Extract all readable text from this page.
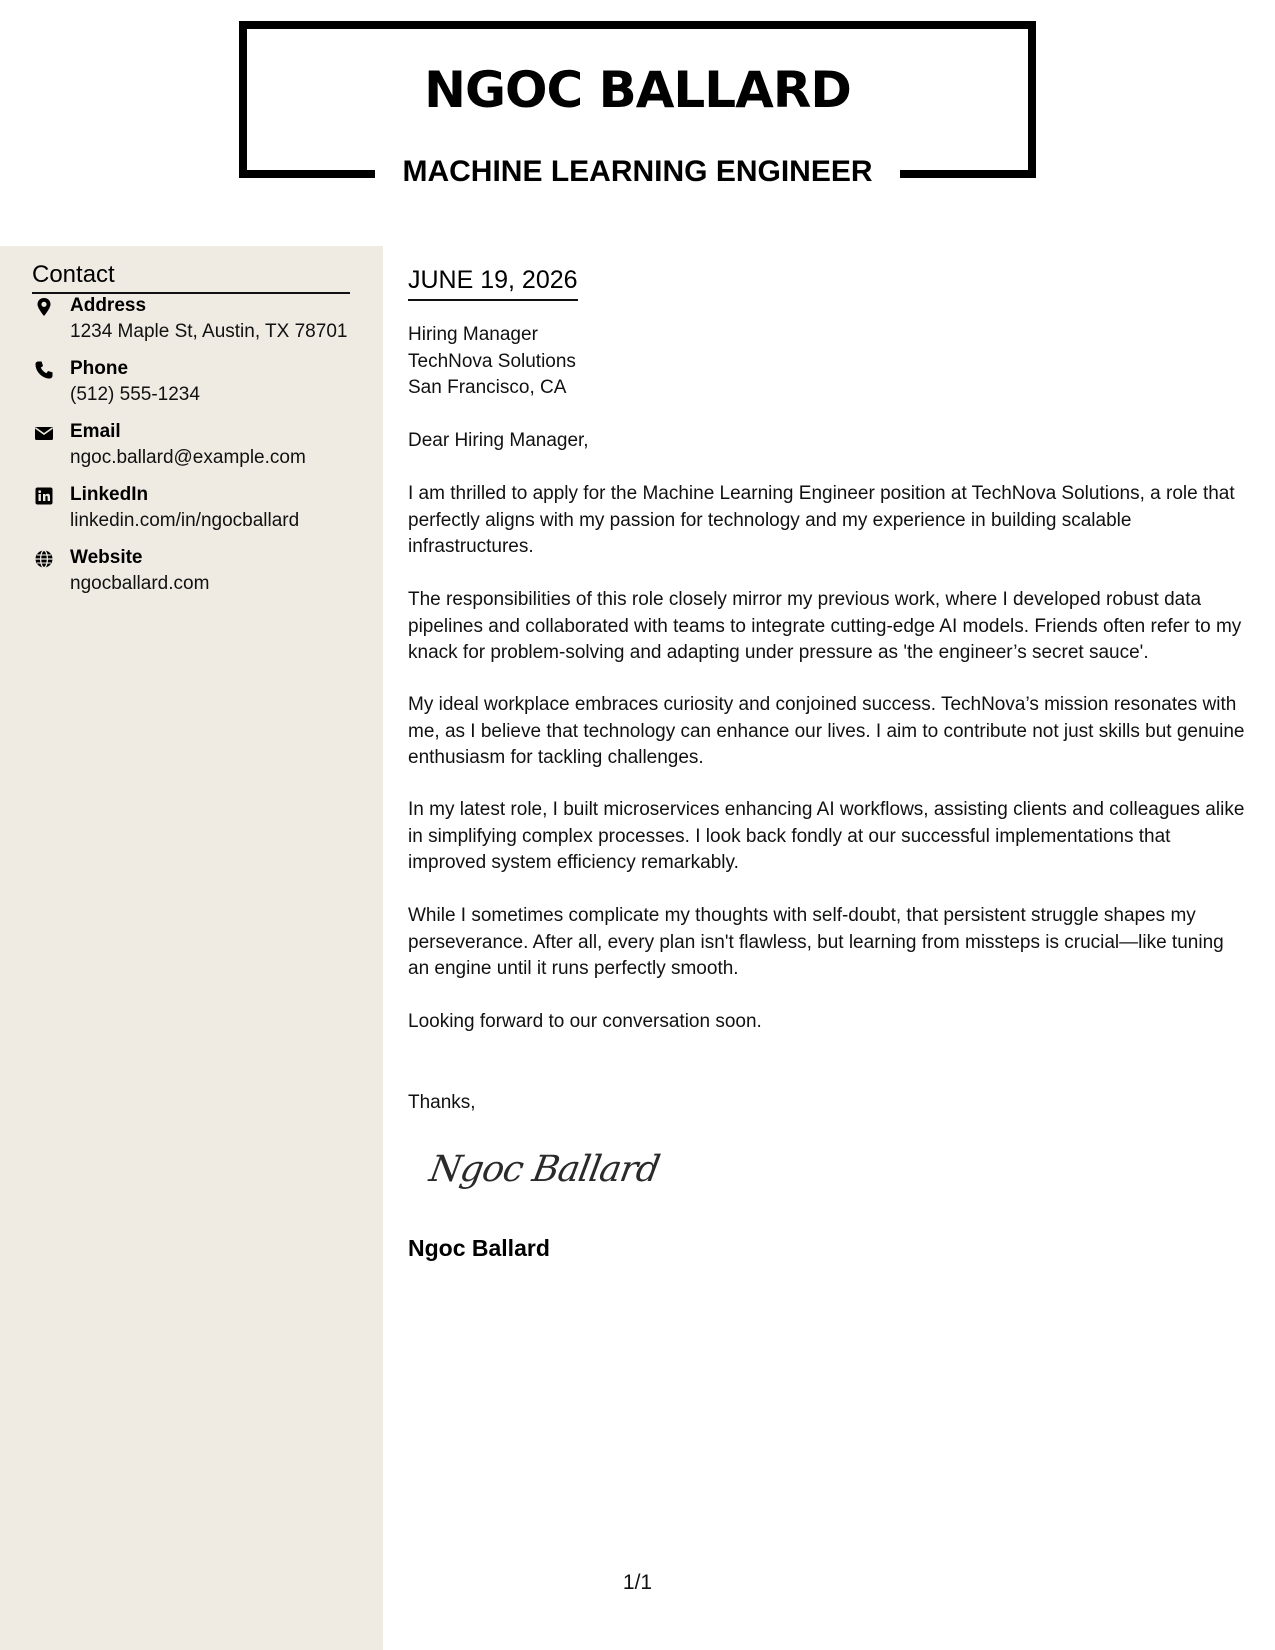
NGOC BALLARD
MACHINE LEARNING ENGINEER
Contact
Address
1234 Maple St, Austin, TX 78701
Phone
(512) 555-1234
Email
ngoc.ballard@example.com
LinkedIn
linkedin.com/in/ngocballard
Website
ngocballard.com
JUNE 19, 2026
Hiring Manager
TechNova Solutions
San Francisco, CA

Dear Hiring Manager,

I am thrilled to apply for the Machine Learning Engineer position at TechNova Solutions, a role that perfectly aligns with my passion for technology and my experience in building scalable infrastructures.

The responsibilities of this role closely mirror my previous work, where I developed robust data pipelines and collaborated with teams to integrate cutting-edge AI models. Friends often refer to my knack for problem-solving and adapting under pressure as 'the engineer’s secret sauce'.

My ideal workplace embraces curiosity and conjoined success. TechNova’s mission resonates with me, as I believe that technology can enhance our lives. I aim to contribute not just skills but genuine enthusiasm for tackling challenges.

In my latest role, I built microservices enhancing AI workflows, assisting clients and colleagues alike in simplifying complex processes. I look back fondly at our successful implementations that improved system efficiency remarkably.

While I sometimes complicate my thoughts with self-doubt, that persistent struggle shapes my perseverance. After all, every plan isn't flawless, but learning from missteps is crucial—like tuning an engine until it runs perfectly smooth.

Looking forward to our conversation soon.

Thanks,

Ngoc Ballard
Ngoc Ballard
1/1
